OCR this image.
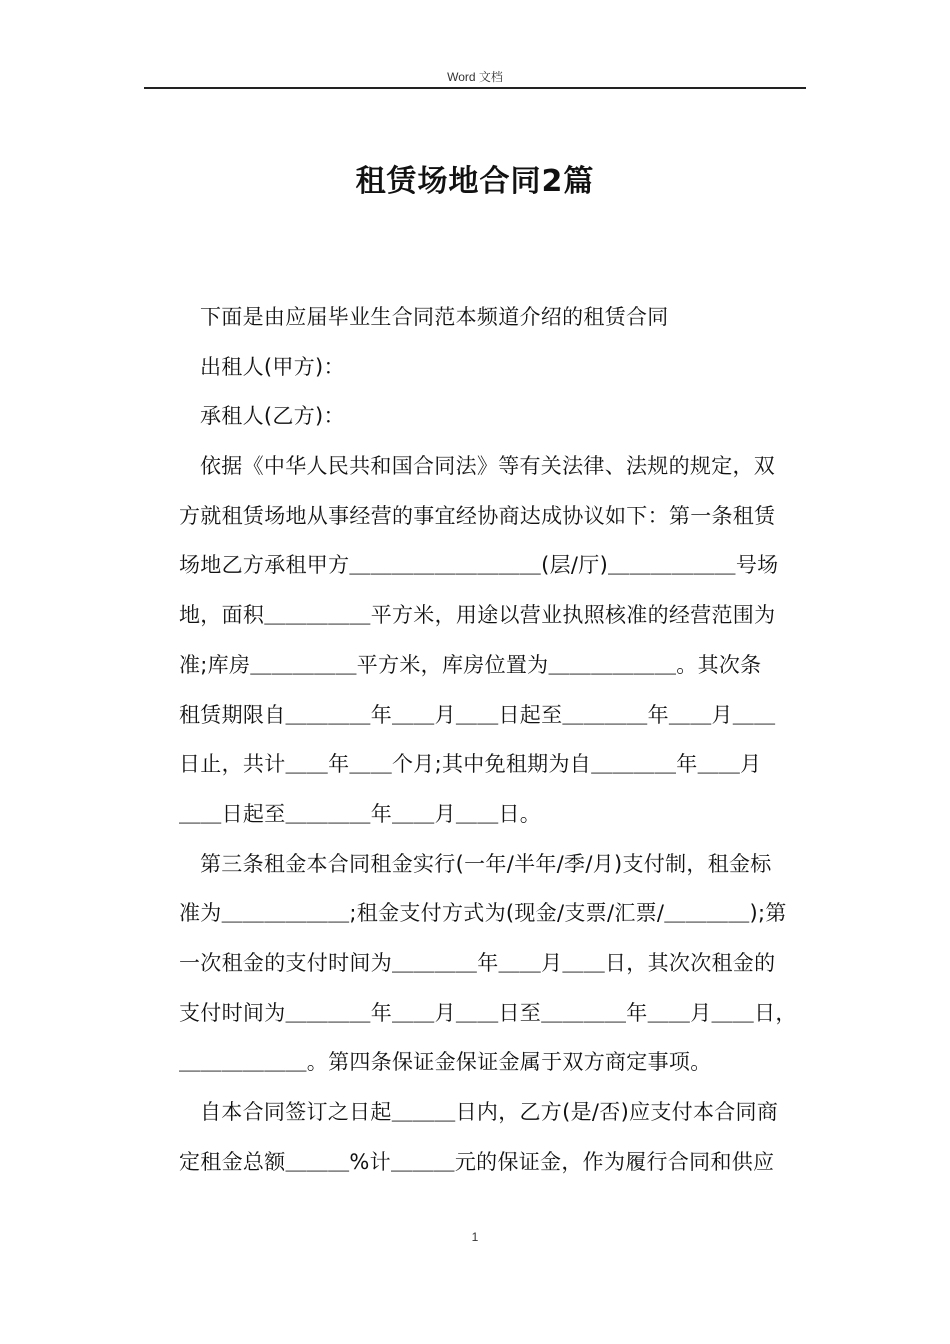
Word 文档
租赁场地合同2篇
下面是由应届毕业生合同范本频道介绍的租赁合同
出租人(甲方)：
承租人(乙方)：
依据《中华人民共和国合同法》等有关法律、法规的规定，双
方就租赁场地从事经营的事宜经协商达成协议如下：第一条租赁
场地乙方承租甲方＿＿＿＿＿＿＿＿＿(层/厅)＿＿＿＿＿＿号场
地，面积＿＿＿＿＿平方米，用途以营业执照核准的经营范围为
准;库房＿＿＿＿＿平方米，库房位置为＿＿＿＿＿＿。其次条
租赁期限自＿＿＿＿年＿＿月＿＿日起至＿＿＿＿年＿＿月＿＿
日止，共计＿＿年＿＿个月;其中免租期为自＿＿＿＿年＿＿月
＿＿日起至＿＿＿＿年＿＿月＿＿日。
第三条租金本合同租金实行(一年/半年/季/月)支付制，租金标
准为＿＿＿＿＿＿;租金支付方式为(现金/支票/汇票/＿＿＿＿);第
一次租金的支付时间为＿＿＿＿年＿＿月＿＿日，其次次租金的
支付时间为＿＿＿＿年＿＿月＿＿日至＿＿＿＿年＿＿月＿＿日，
＿＿＿＿＿＿。第四条保证金保证金属于双方商定事项。
自本合同签订之日起＿＿＿日内，乙方(是/否)应支付本合同商
定租金总额＿＿＿%计＿＿＿元的保证金，作为履行合同和供应
1
